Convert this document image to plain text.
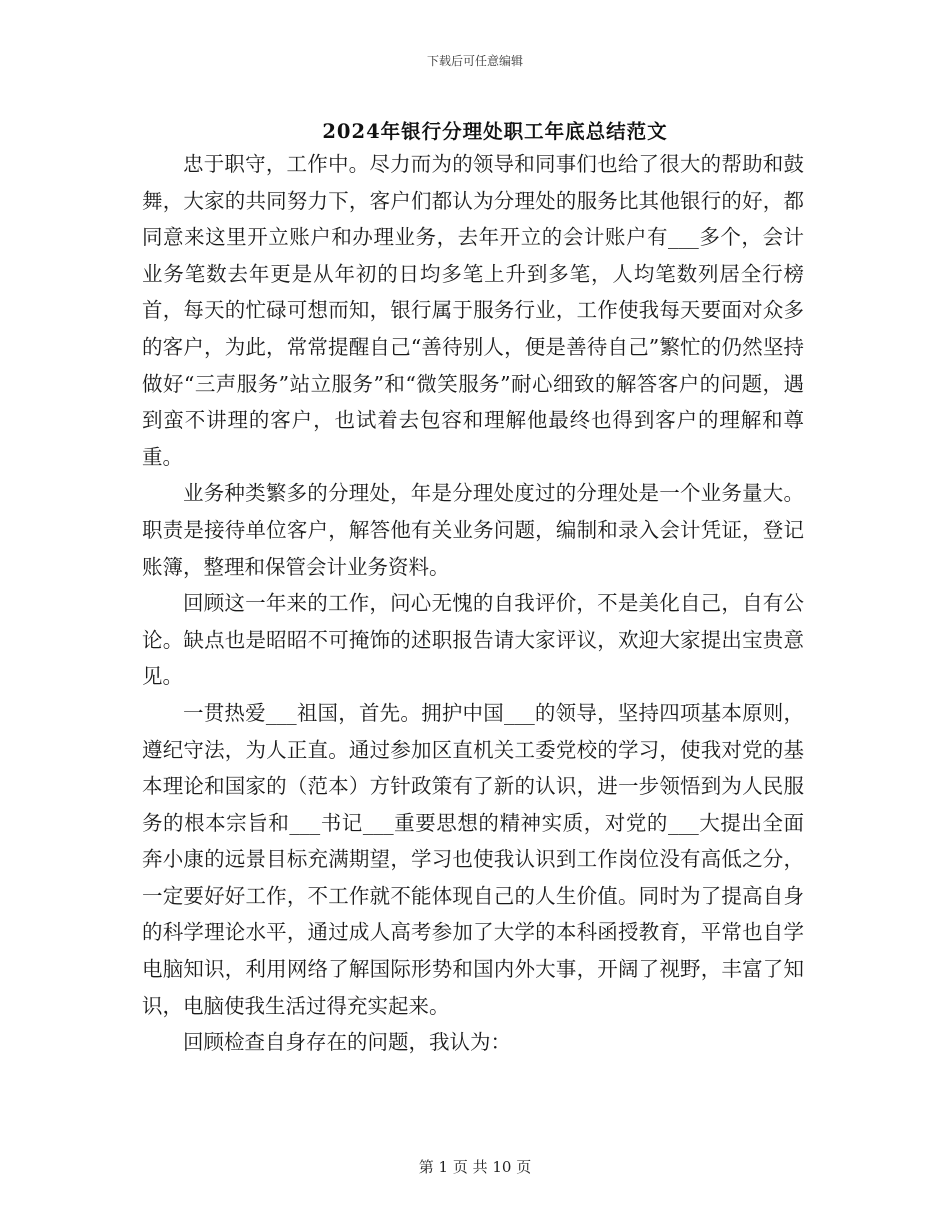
下载后可任意编辑
2024年银行分理处职工年底总结范文

忠于职守，工作中。尽力而为的领导和同事们也给了很大的帮助和鼓舞，大家的共同努力下，客户们都认为分理处的服务比其他银行的好，都同意来这里开立账户和办理业务，去年开立的会计账户有___多个，会计业务笔数去年更是从年初的日均多笔上升到多笔，人均笔数列居全行榜首，每天的忙碌可想而知，银行属于服务行业，工作使我每天要面对众多的客户，为此，常常提醒自己“善待别人，便是善待自己”繁忙的仍然坚持做好“三声服务”站立服务”和“微笑服务”耐心细致的解答客户的问题，遇到蛮不讲理的客户，也试着去包容和理解他最终也得到客户的理解和尊重。

业务种类繁多的分理处，年是分理处度过的分理处是一个业务量大。职责是接待单位客户，解答他有关业务问题，编制和录入会计凭证，登记账簿，整理和保管会计业务资料。

回顾这一年来的工作，问心无愧的自我评价，不是美化自己，自有公论。缺点也是昭昭不可掩饰的述职报告请大家评议，欢迎大家提出宝贵意见。

一贯热爱___祖国，首先。拥护中国___的领导，坚持四项基本原则，遵纪守法，为人正直。通过参加区直机关工委党校的学习，使我对党的基本理论和国家的（范本）方针政策有了新的认识，进一步领悟到为人民服务的根本宗旨和___书记___重要思想的精神实质，对党的___大提出全面奔小康的远景目标充满期望，学习也使我认识到工作岗位没有高低之分，一定要好好工作，不工作就不能体现自己的人生价值。同时为了提高自身的科学理论水平，通过成人高考参加了大学的本科函授教育，平常也自学电脑知识，利用网络了解国际形势和国内外大事，开阔了视野，丰富了知识，电脑使我生活过得充实起来。

回顾检查自身存在的问题，我认为：

第 1 页 共 10 页
